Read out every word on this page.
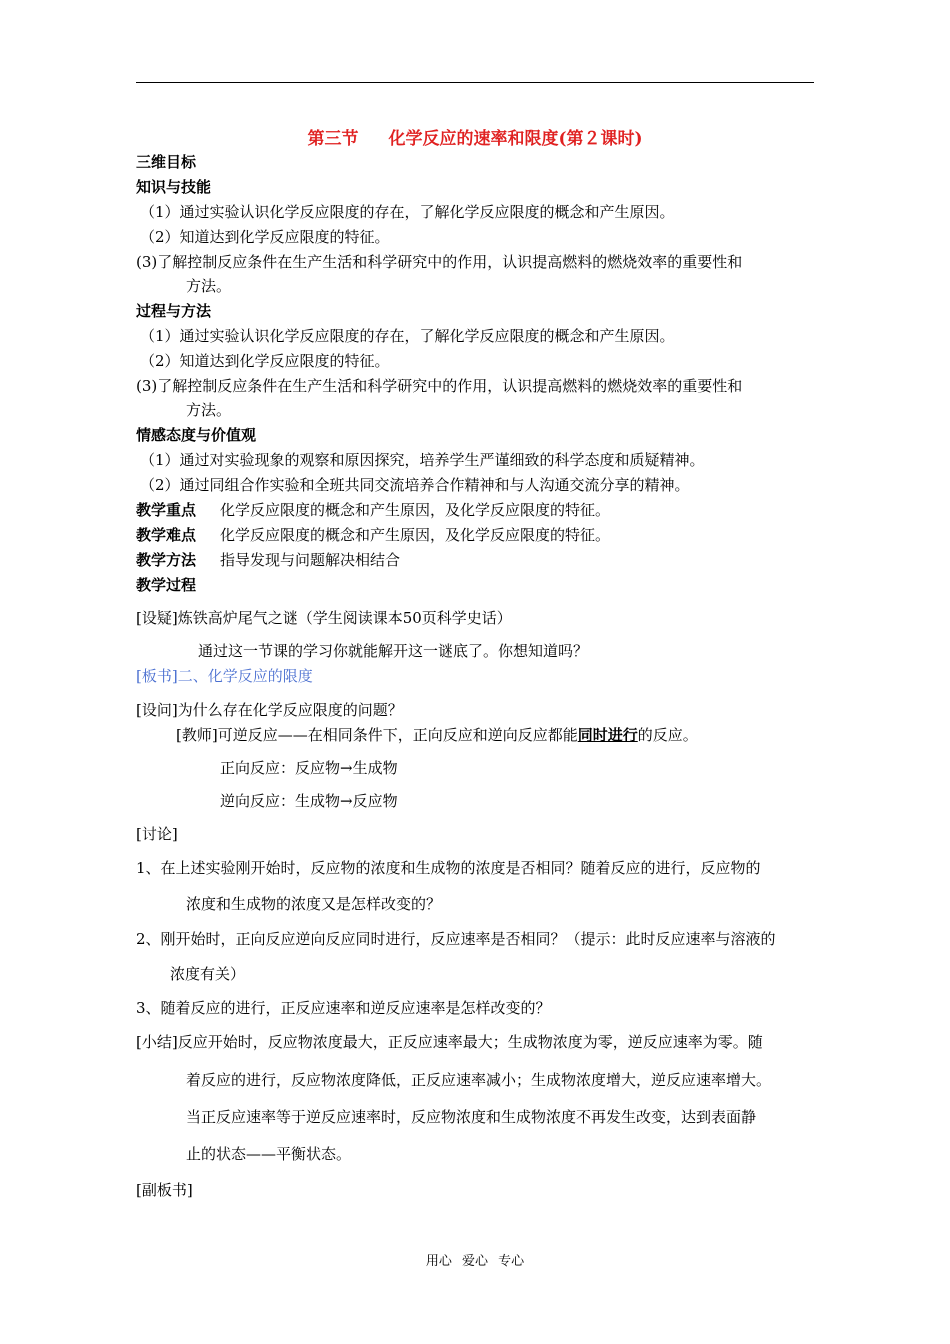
第三节 化学反应的速率和限度(第２课时)
三维目标
知识与技能
（1）通过实验认识化学反应限度的存在，了解化学反应限度的概念和产生原因。
（2）知道达到化学反应限度的特征。
(3)了解控制反应条件在生产生活和科学研究中的作用，认识提高燃料的燃烧效率的重要性和
方法。
过程与方法
（1）通过实验认识化学反应限度的存在，了解化学反应限度的概念和产生原因。
（2）知道达到化学反应限度的特征。
(3)了解控制反应条件在生产生活和科学研究中的作用，认识提高燃料的燃烧效率的重要性和
方法。
情感态度与价值观
（1）通过对实验现象的观察和原因探究，培养学生严谨细致的科学态度和质疑精神。
（2）通过同组合作实验和全班共同交流培养合作精神和与人沟通交流分享的精神。
教学重点 化学反应限度的概念和产生原因，及化学反应限度的特征。
教学难点 化学反应限度的概念和产生原因，及化学反应限度的特征。
教学方法 指导发现与问题解决相结合
教学过程
[设疑]炼铁高炉尾气之谜（学生阅读课本50页科学史话）
通过这一节课的学习你就能解开这一谜底了。你想知道吗？
[板书]二、化学反应的限度
[设问]为什么存在化学反应限度的问题？
[教师]可逆反应——在相同条件下，正向反应和逆向反应都能同时进行的反应。
正向反应：反应物→生成物
逆向反应：生成物→反应物
[讨论]
1、在上述实验刚开始时，反应物的浓度和生成物的浓度是否相同？随着反应的进行，反应物的
浓度和生成物的浓度又是怎样改变的？
2、刚开始时，正向反应逆向反应同时进行，反应速率是否相同？（提示：此时反应速率与溶液的
浓度有关）
3、随着反应的进行，正反应速率和逆反应速率是怎样改变的？
[小结]反应开始时，反应物浓度最大，正反应速率最大；生成物浓度为零，逆反应速率为零。随
着反应的进行，反应物浓度降低，正反应速率减小；生成物浓度增大，逆反应速率增大。
当正反应速率等于逆反应速率时，反应物浓度和生成物浓度不再发生改变，达到表面静
止的状态——平衡状态。
[副板书]
用心 爱心 专心
